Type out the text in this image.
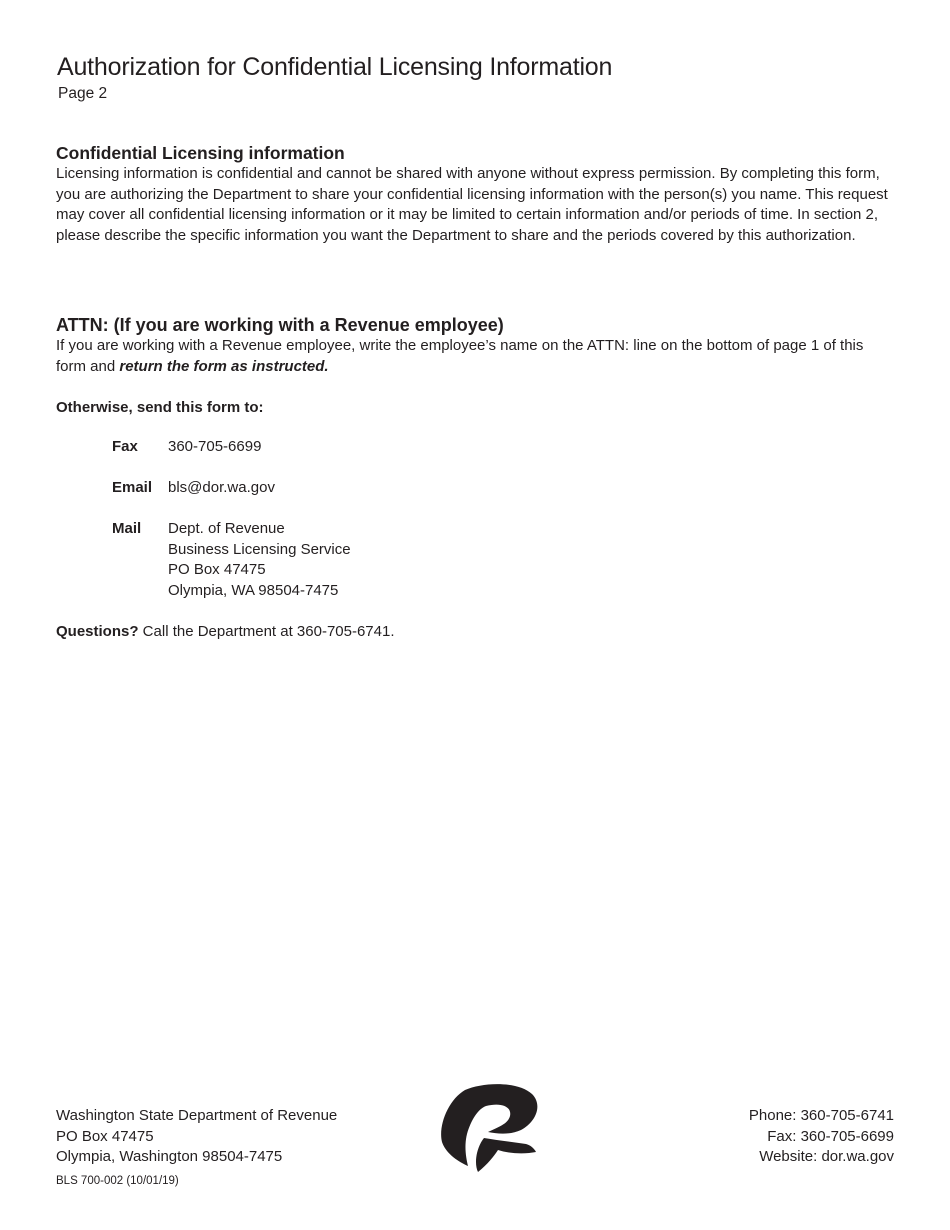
Authorization for Confidential Licensing Information
Page 2
Confidential Licensing information
Licensing information is confidential and cannot be shared with anyone without express permission. By completing this form, you are authorizing the Department to share your confidential licensing information with the person(s) you name. This request may cover all confidential licensing information or it may be limited to certain information and/or periods of time. In section 2, please describe the specific information you want the Department to share and the periods covered by this authorization.
ATTN: (If you are working with a Revenue employee)
If you are working with a Revenue employee, write the employee’s name on the ATTN: line on the bottom of page 1 of this form and return the form as instructed.
Otherwise, send this form to:
Fax 360-705-6699
Email bls@dor.wa.gov
Mail Dept. of Revenue
Business Licensing Service
PO Box 47475
Olympia, WA 98504-7475
Questions? Call the Department at 360-705-6741.
Washington State Department of Revenue
PO Box 47475
Olympia, Washington 98504-7475
BLS 700-002 (10/01/19)
Phone: 360-705-6741
Fax: 360-705-6699
Website: dor.wa.gov
